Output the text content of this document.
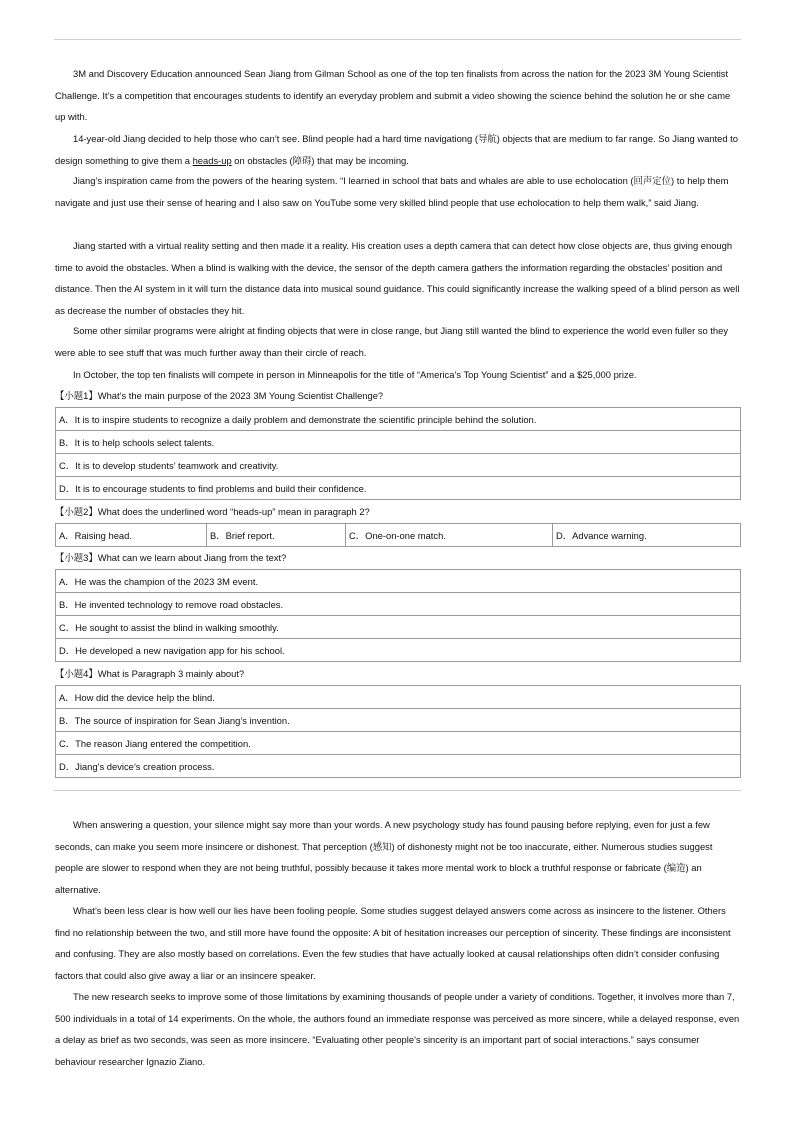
3M and Discovery Education announced Sean Jiang from Gilman School as one of the top ten finalists from across the nation for the 2023 3M Young Scientist Challenge. It’s a competition that encourages students to identify an everyday problem and submit a video showing the science behind the solution he or she came up with.

14-year-old Jiang decided to help those who can’t see. Blind people had a hard time navigationg (导航) objects that are medium to far range. So Jiang wanted to design something to give them a heads-up on obstacles (障碍) that may be incoming.

Jiang’s inspiration came from the powers of the hearing system. “I learned in school that bats and whales are able to use echolocation (回声定位) to help them navigate and just use their sense of hearing and I also saw on YouTube some very skilled blind people that use echolocation to help them walk,” said Jiang.

Jiang started with a virtual reality setting and then made it a reality. His creation uses a depth camera that can detect how close objects are, thus giving enough time to avoid the obstacles. When a blind is walking with the device, the sensor of the depth camera gathers the information regarding the obstacles’ position and distance. Then the AI system in it will turn the distance data into musical sound guidance. This could significantly increase the walking speed of a blind person as well as decrease the number of obstacles they hit.

Some other similar programs were alright at finding objects that were in close range, but Jiang still wanted the blind to experience the world even fuller so they were able to see stuff that was much further away than their circle of reach.

In October, the top ten finalists will compete in person in Minneapolis for the title of “America’s Top Young Scientist” and a $25,000 prize.

【小题1】What’s the main purpose of the 2023 3M Young Scientist Challenge?
A．It is to inspire students to recognize a daily problem and demonstrate the scientific principle behind the solution.
B．It is to help schools select talents.
C．It is to develop students’ teamwork and creativity.
D．It is to encourage students to find problems and build their confidence.
【小题2】What does the underlined word “heads-up” mean in paragraph 2?
A．Raising head.	B．Brief report.	C．One-on-one match.	D．Advance warning.
【小题3】What can we learn about Jiang from the text?
A．He was the champion of the 2023 3M event.
B．He invented technology to remove road obstacles.
C．He sought to assist the blind in walking smoothly.
D．He developed a new navigation app for his school.
【小题4】What is Paragraph 3 mainly about?
A．How did the device help the blind.
B．The source of inspiration for Sean Jiang’s invention.
C．The reason Jiang entered the competition.
D．Jiang’s device’s creation process.

When answering a question, your silence might say more than your words. A new psychology study has found pausing before replying, even for just a few seconds, can make you seem more insincere or dishonest. That perception (感知) of dishonesty might not be too inaccurate, either. Numerous studies suggest people are slower to respond when they are not being truthful, possibly because it takes more mental work to block a truthful response or fabricate (编造) an alternative.

What’s been less clear is how well our lies have been fooling people. Some studies suggest delayed answers come across as insincere to the listener. Others find no relationship between the two, and still more have found the opposite: A bit of hesitation increases our perception of sincerity. These findings are inconsistent and confusing. They are also mostly based on correlations. Even the few studies that have actually looked at causal relationships often didn’t consider confusing factors that could also give away a liar or an insincere speaker.

The new research seeks to improve some of those limitations by examining thousands of people under a variety of conditions. Together, it involves more than 7, 500 individuals in a total of 14 experiments. On the whole, the authors found an immediate response was perceived as more sincere, while a delayed response, even a delay as brief as two seconds, was seen as more insincere. “Evaluating other people’s sincerity is an important part of social interactions.” says consumer behaviour researcher Ignazio Ziano.
